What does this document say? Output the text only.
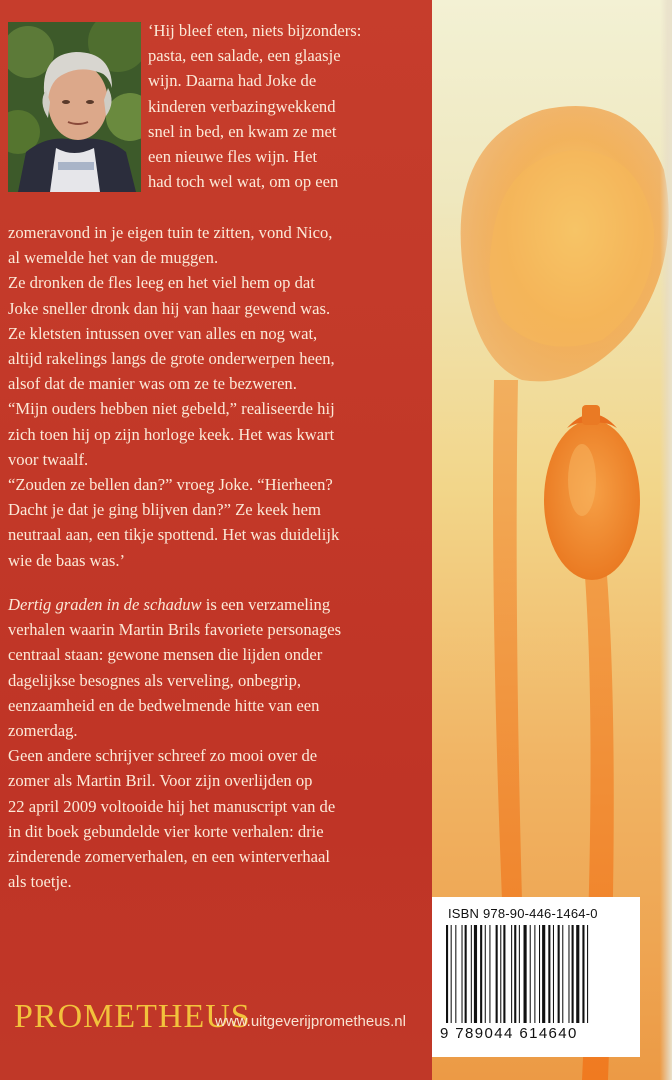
‘Hij bleef eten, niets bijzonders:
pasta, een salade, een glaasje
wijn. Daarna had Joke de
kinderen verbazingwekkend
snel in bed, en kwam ze met
een nieuwe fles wijn. Het
had toch wel wat, om op een

zomeravond in je eigen tuin te zitten, vond Nico,
al wemelde het van de muggen.
Ze dronken de fles leeg en het viel hem op dat
Joke sneller dronk dan hij van haar gewend was.
Ze kletsten intussen over van alles en nog wat,
altijd rakelings langs de grote onderwerpen heen,
alsof dat de manier was om ze te bezweren.
“Mijn ouders hebben niet gebeld,” realiseerde hij
zich toen hij op zijn horloge keek. Het was kwart
voor twaalf.
“Zouden ze bellen dan?” vroeg Joke. “Hierheen?
Dacht je dat je ging blijven dan?” Ze keek hem
neutraal aan, een tikje spottend. Het was duidelijk
wie de baas was.’

Dertig graden in de schaduw is een verzameling
verhalen waarin Martin Brils favoriete personages
centraal staan: gewone mensen die lijden onder
dagelijkse besognes als verveling, onbegrip,
eenzaamheid en de bedwelmende hitte van een
zomerdag.
Geen andere schrijver schreef zo mooi over de
zomer als Martin Bril. Voor zijn overlijden op
22 april 2009 voltooide hij het manuscript van de
in dit boek gebundelde vier korte verhalen: drie
zinderende zomerverhalen, en een winterverhaal
als toetje.

PROMETHEUS
www.uitgeverijprometheus.nl
ISBN 978-90-446-1464-0
9 789044 614640
